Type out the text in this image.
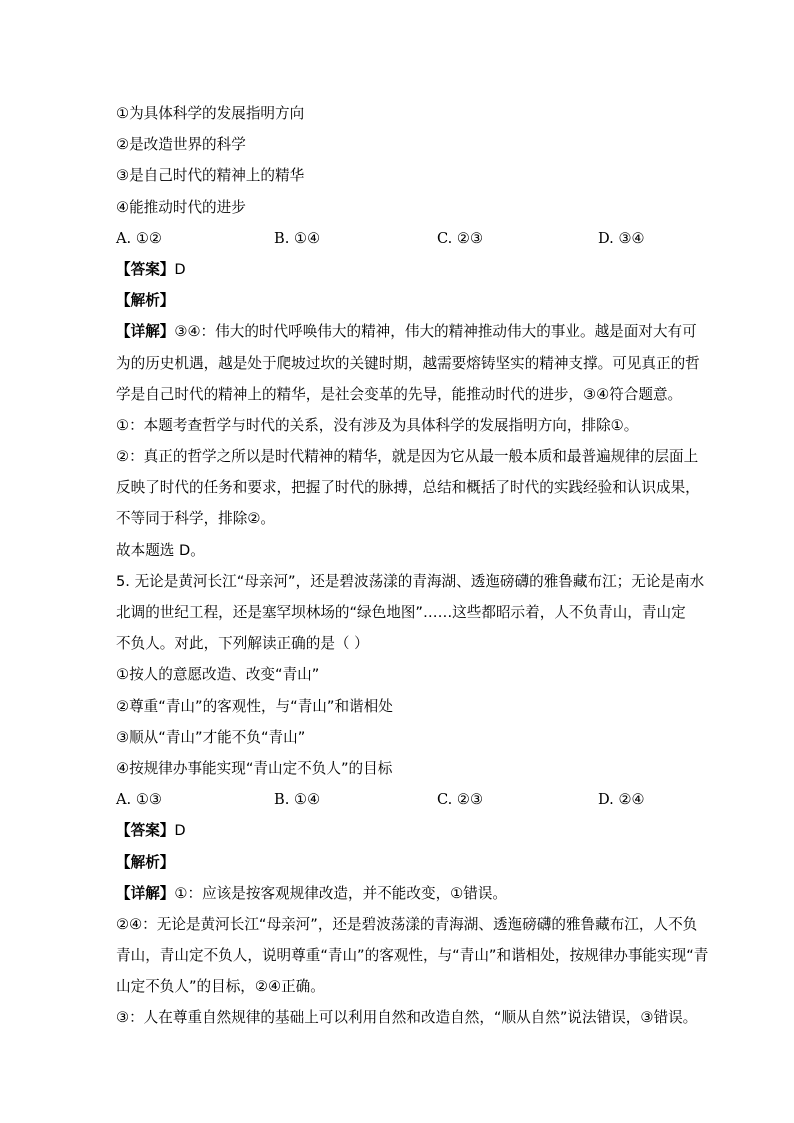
①为具体科学的发展指明方向
②是改造世界的科学
③是自己时代的精神上的精华
④能推动时代的进步
A. ①②	B. ①④	C. ②③	D. ③④
【答案】D
【解析】
【详解】③④：伟大的时代呼唤伟大的精神，伟大的精神推动伟大的事业。越是面对大有可
为的历史机遇，越是处于爬坡过坎的关键时期，越需要熔铸坚实的精神支撑。可见真正的哲
学是自己时代的精神上的精华，是社会变革的先导，能推动时代的进步，③④符合题意。
①：本题考查哲学与时代的关系，没有涉及为具体科学的发展指明方向，排除①。
②：真正的哲学之所以是时代精神的精华，就是因为它从最一般本质和最普遍规律的层面上
反映了时代的任务和要求，把握了时代的脉搏，总结和概括了时代的实践经验和认识成果，
不等同于科学，排除②。
故本题选 D。
5. 无论是黄河长江“母亲河”，还是碧波荡漾的青海湖、透迤磅礴的雅鲁藏布江；无论是南水
北调的世纪工程，还是塞罕坝林场的“绿色地图”……这些都昭示着，人不负青山，青山定
不负人。对此，下列解读正确的是（ ）
①按人的意愿改造、改变“青山”
②尊重“青山”的客观性，与“青山”和谐相处
③顺从“青山”才能不负“青山”
④按规律办事能实现“青山定不负人”的目标
A. ①③	B. ①④	C. ②③	D. ②④
【答案】D
【解析】
【详解】①：应该是按客观规律改造，并不能改变，①错误。
②④：无论是黄河长江“母亲河”，还是碧波荡漾的青海湖、透迤磅礴的雅鲁藏布江，人不负
青山，青山定不负人，说明尊重“青山”的客观性，与“青山”和谐相处，按规律办事能实现“青
山定不负人”的目标，②④正确。
③：人在尊重自然规律的基础上可以利用自然和改造自然，“顺从自然”说法错误，③错误。
